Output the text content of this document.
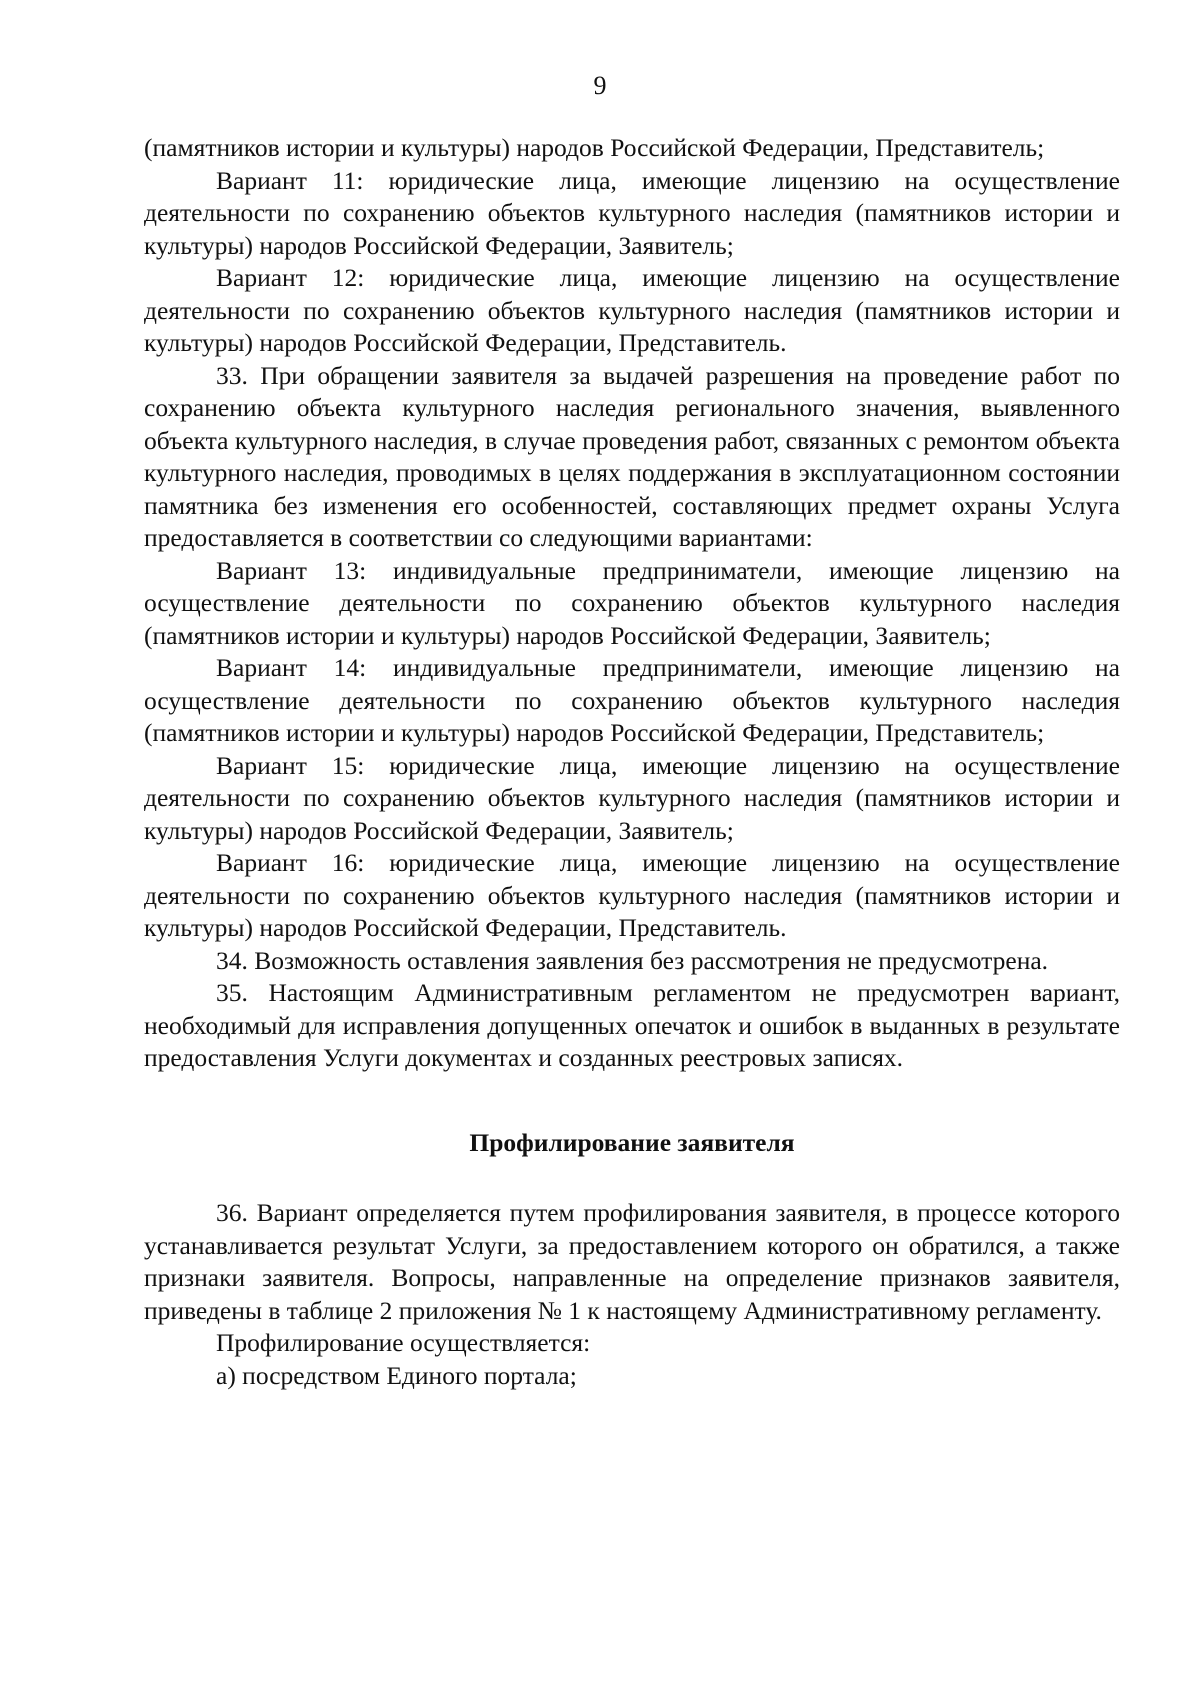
9

(памятников истории и культуры) народов Российской Федерации, Представитель;

Вариант 11: юридические лица, имеющие лицензию на осуществление деятельности по сохранению объектов культурного наследия (памятников истории и культуры) народов Российской Федерации, Заявитель;

Вариант 12: юридические лица, имеющие лицензию на осуществление деятельности по сохранению объектов культурного наследия (памятников истории и культуры) народов Российской Федерации, Представитель.

33. При обращении заявителя за выдачей разрешения на проведение работ по сохранению объекта культурного наследия регионального значения, выявленного объекта культурного наследия, в случае проведения работ, связанных с ремонтом объекта культурного наследия, проводимых в целях поддержания в эксплуатационном состоянии памятника без изменения его особенностей, составляющих предмет охраны Услуга предоставляется в соответствии со следующими вариантами:

Вариант 13: индивидуальные предприниматели, имеющие лицензию на осуществление деятельности по сохранению объектов культурного наследия (памятников истории и культуры) народов Российской Федерации, Заявитель;

Вариант 14: индивидуальные предприниматели, имеющие лицензию на осуществление деятельности по сохранению объектов культурного наследия (памятников истории и культуры) народов Российской Федерации, Представитель;

Вариант 15: юридические лица, имеющие лицензию на осуществление деятельности по сохранению объектов культурного наследия (памятников истории и культуры) народов Российской Федерации, Заявитель;

Вариант 16: юридические лица, имеющие лицензию на осуществление деятельности по сохранению объектов культурного наследия (памятников истории и культуры) народов Российской Федерации, Представитель.

34. Возможность оставления заявления без рассмотрения не предусмотрена.

35. Настоящим Административным регламентом не предусмотрен вариант, необходимый для исправления допущенных опечаток и ошибок в выданных в результате предоставления Услуги документах и созданных реестровых записях.

Профилирование заявителя

36. Вариант определяется путем профилирования заявителя, в процессе которого устанавливается результат Услуги, за предоставлением которого он обратился, а также признаки заявителя. Вопросы, направленные на определение признаков заявителя, приведены в таблице 2 приложения № 1 к настоящему Административному регламенту.

Профилирование осуществляется:

а) посредством Единого портала;
